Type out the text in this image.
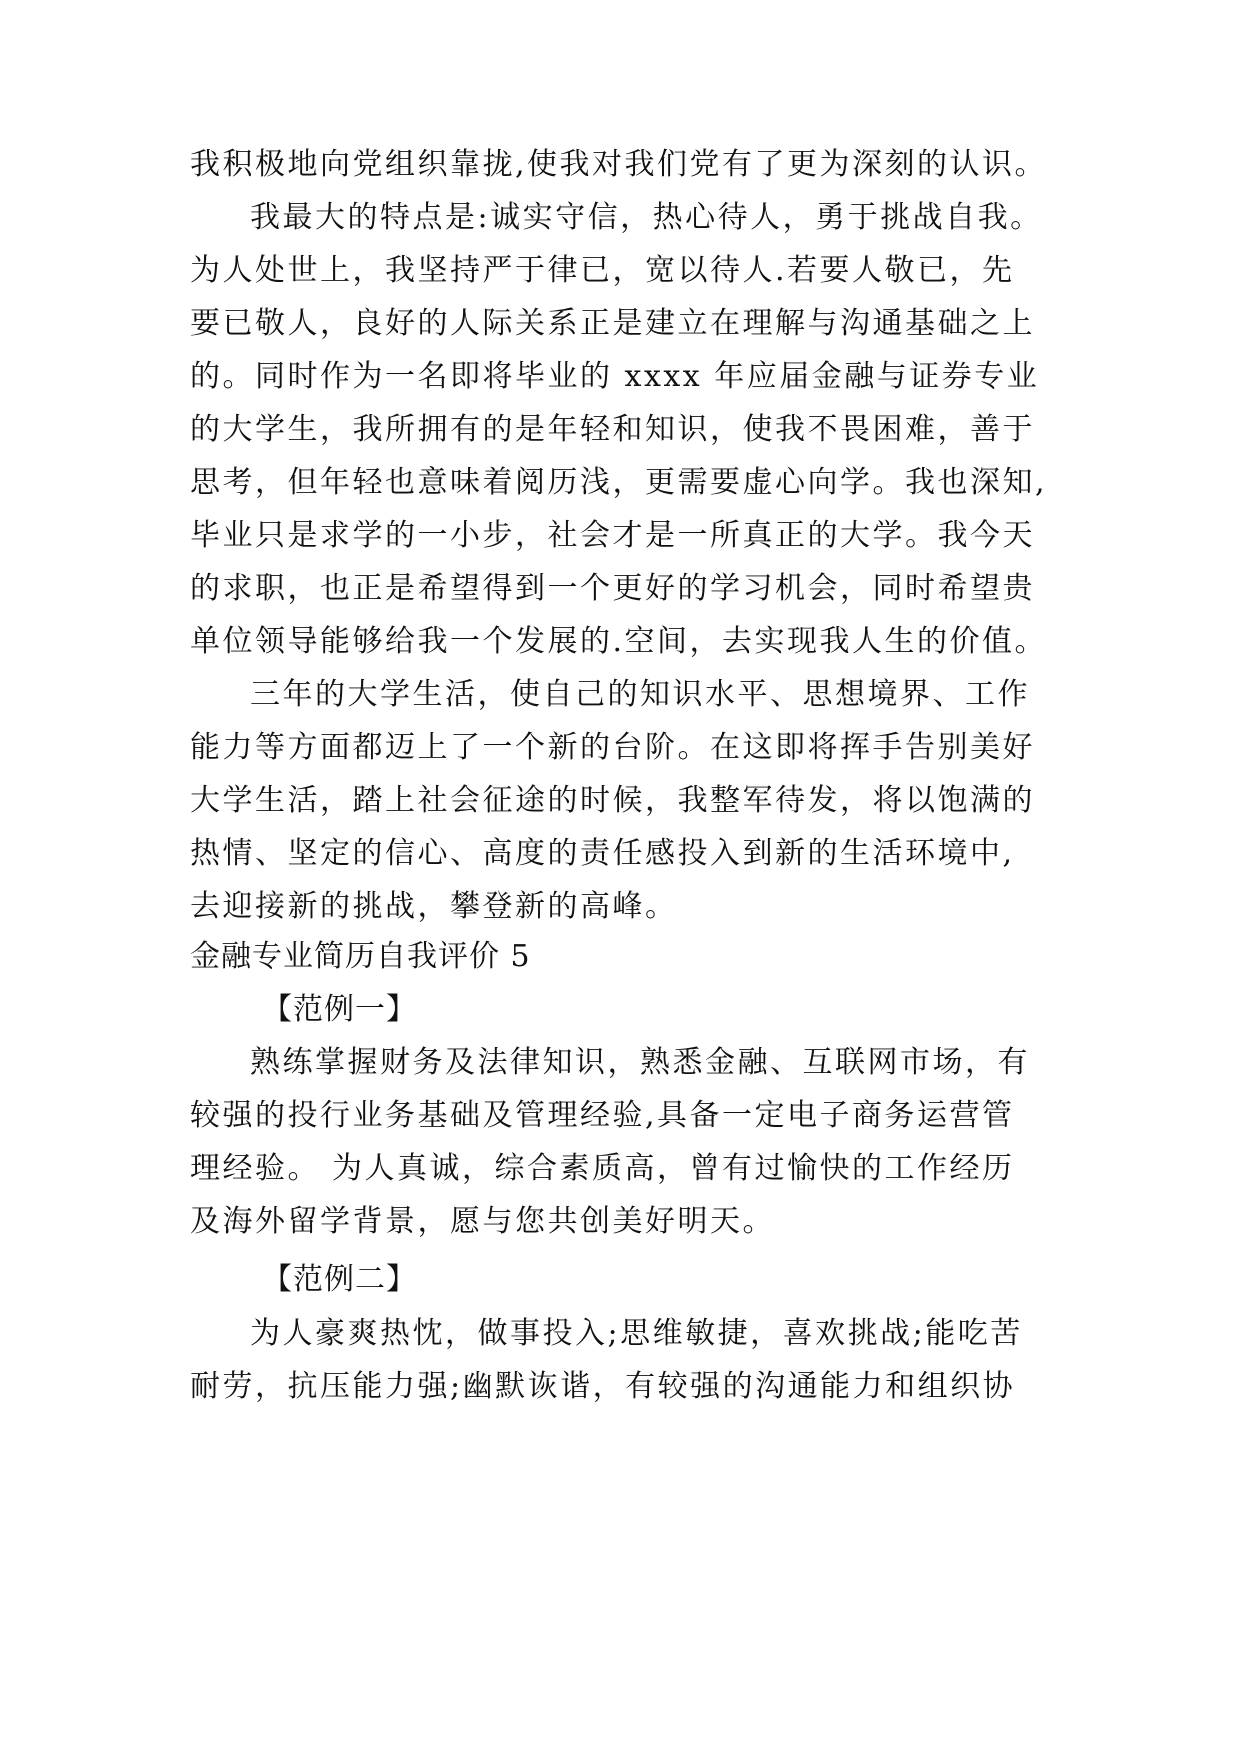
我积极地向党组织靠拢,使我对我们党有了更为深刻的认识。
我最大的特点是:诚实守信，热心待人，勇于挑战自我。
为人处世上，我坚持严于律已，宽以待人.若要人敬已，先
要已敬人，良好的人际关系正是建立在理解与沟通基础之上
的。同时作为一名即将毕业的 xxxx 年应届金融与证券专业
的大学生，我所拥有的是年轻和知识，使我不畏困难，善于
思考，但年轻也意味着阅历浅，更需要虚心向学。我也深知,
毕业只是求学的一小步，社会才是一所真正的大学。我今天
的求职，也正是希望得到一个更好的学习机会，同时希望贵
单位领导能够给我一个发展的.空间，去实现我人生的价值。
三年的大学生活，使自己的知识水平、思想境界、工作
能力等方面都迈上了一个新的台阶。在这即将挥手告别美好
大学生活，踏上社会征途的时候，我整军待发，将以饱满的
热情、坚定的信心、高度的责任感投入到新的生活环境中,
去迎接新的挑战，攀登新的高峰。
金融专业简历自我评价 5
【范例一】
熟练掌握财务及法律知识，熟悉金融、互联网市场，有
较强的投行业务基础及管理经验,具备一定电子商务运营管
理经验。 为人真诚，综合素质高，曾有过愉快的工作经历
及海外留学背景，愿与您共创美好明天。
【范例二】
为人豪爽热忱，做事投入;思维敏捷，喜欢挑战;能吃苦
耐劳，抗压能力强;幽默诙谐，有较强的沟通能力和组织协
